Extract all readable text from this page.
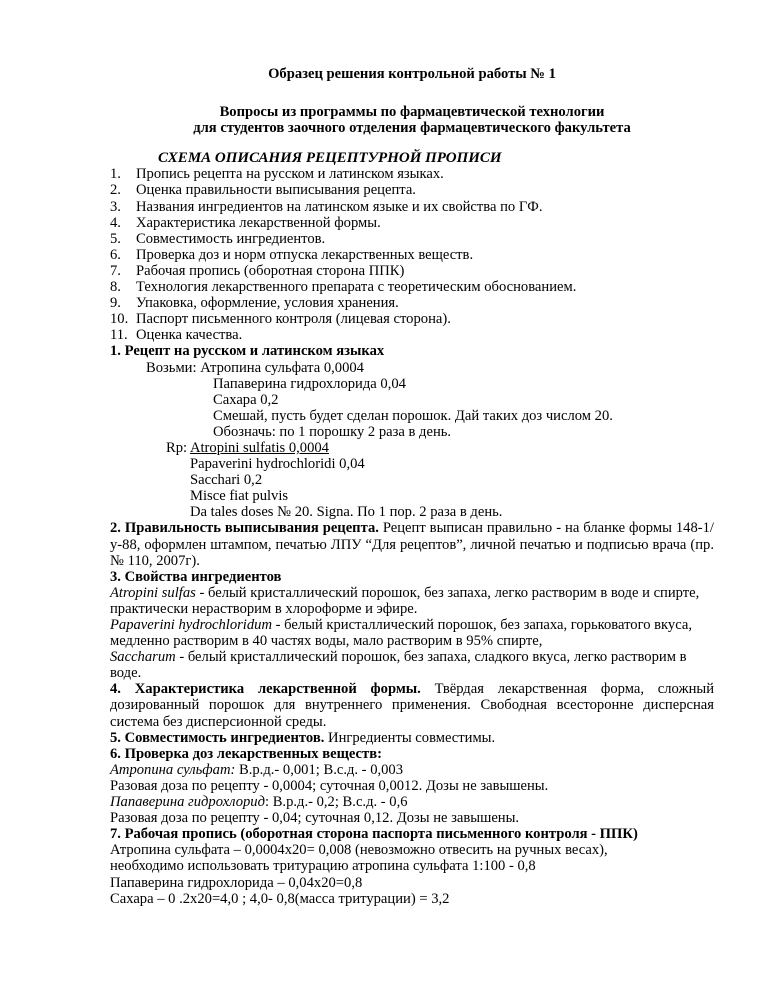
Образец решения контрольной работы № 1
Вопросы из программы по фармацевтической технологии
для студентов заочного отделения фармацевтического факультета
СХЕМА ОПИСАНИЯ РЕЦЕПТУРНОЙ ПРОПИСИ
1.	Пропись рецепта на русском и латинском языках.
2.	Оценка правильности выписывания рецепта.
3.	Названия ингредиентов на латинском языке и их свойства по ГФ.
4.	Характеристика лекарственной формы.
5.	Совместимость ингредиентов.
6.	Проверка доз и норм отпуска лекарственных веществ.
7.	Рабочая пропись (оборотная сторона ППК)
8.	Технология лекарственного препарата с теоретическим обоснованием.
9.	Упаковка, оформление, условия хранения.
10. Паспорт письменного контроля (лицевая сторона).
11. Оценка качества.
1. Рецепт на русском и латинском языках
Возьми: Атропина сульфата 0,0004
Папаверина гидрохлорида 0,04
Сахара 0,2
Смешай, пусть будет сделан порошок. Дай таких доз числом 20.
Обозначь: по 1 порошку 2 раза в день.
Rp: Atropini sulfatis 0,0004
Papaverini hydrochloridi 0,04
Sacchari 0,2
Misce fiat pulvis
Da tales doses № 20. Signa. По 1 пор. 2 раза в день.
2. Правильность выписывания рецепта. Рецепт выписан правильно - на бланке формы 148-1/у-88, оформлен штампом, печатью ЛПУ “Для рецептов”, личной печатью и подписью врача (пр. № 110, 2007г).
3. Свойства ингредиентов
Atropini sulfas - белый кристаллический порошок, без запаха, легко растворим в воде и спирте, практически нерастворим в хлороформе и эфире.
Papaverini hydrochloridum - белый кристаллический порошок, без запаха, горьковатого вкуса, медленно растворим в 40 частях воды, мало растворим в 95% спирте,
Saccharum - белый кристаллический порошок, без запаха, сладкого вкуса, легко растворим в воде.
4. Характеристика лекарственной формы. Твёрдая лекарственная форма, сложный дозированный порошок для внутреннего применения. Свободная всесторонне дисперсная система без дисперсионной среды.
5. Совместимость ингредиентов. Ингредиенты совместимы.
6. Проверка доз лекарственных веществ:
Атропина сульфат: В.р.д.- 0,001; В.с.д. - 0,003
Разовая доза по рецепту - 0,0004; суточная 0,0012. Дозы не завышены.
Папаверина гидрохлорид: В.р.д.- 0,2; В.с.д. - 0,6
Разовая доза по рецепту - 0,04; суточная 0,12. Дозы не завышены.
7. Рабочая пропись (оборотная сторона паспорта письменного контроля - ППК)
Атропина сульфата – 0,0004x20= 0,008 (невозможно отвесить на ручных весах),
необходимо использовать тритурацию атропина сульфата 1:100 - 0,8
Папаверина гидрохлорида – 0,04x20=0,8
Сахара – 0 .2x20=4,0 ; 4,0- 0,8(масса тритурации) = 3,2
